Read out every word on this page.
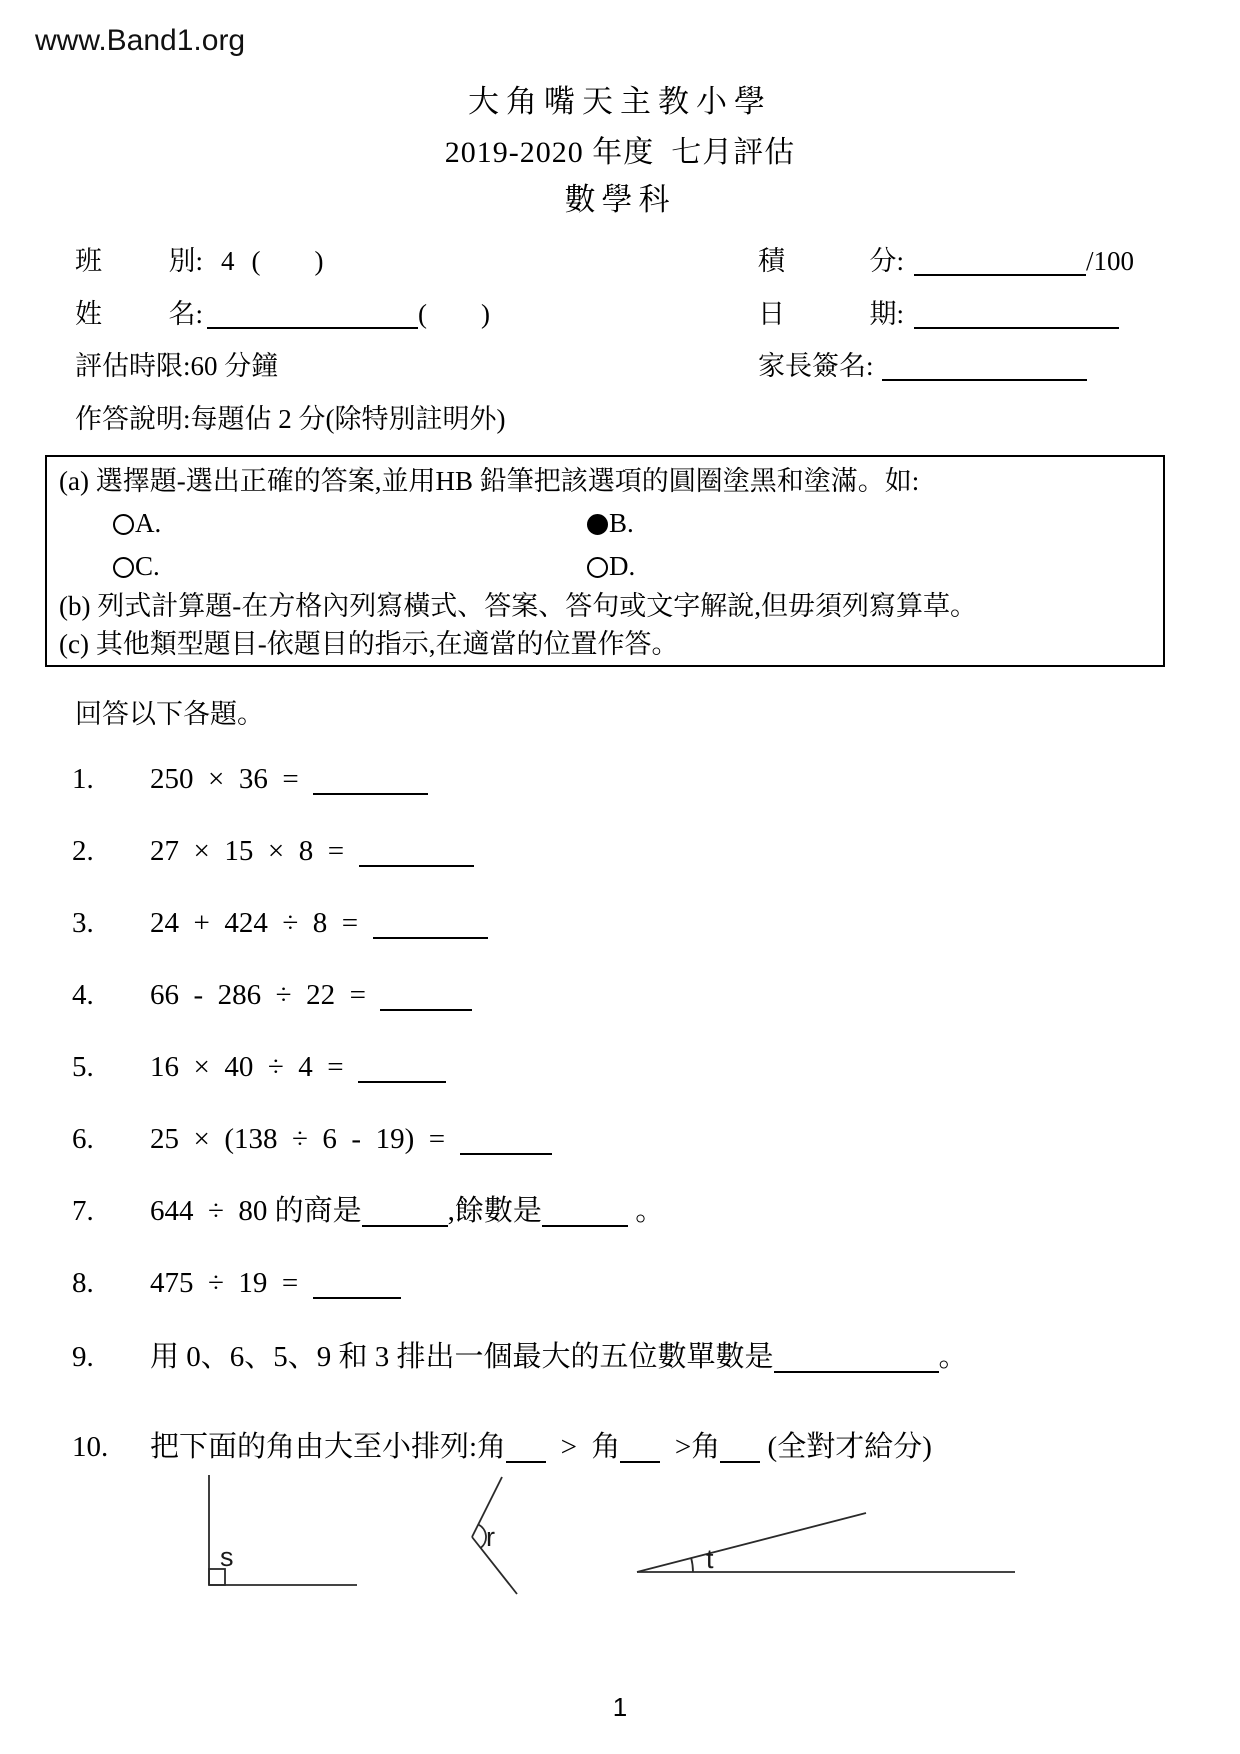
www.Band1.org
大角嘴天主教小學
2019-2020 年度  七月評估
數學科
班 別: 4 (　　)	積	分:	/100
姓 名:	(　　)	日	期:
評估時限:60 分鐘	家長簽名:
作答說明:每題佔 2 分(除特別註明外)
(a) 選擇題-選出正確的答案,並用HB 鉛筆把該選項的圓圈塗黑和塗滿。如:
A.	B.
C.	D.
(b) 列式計算題-在方格內列寫橫式、答案、答句或文字解說,但毋須列寫算草。
(c) 其他類型題目-依題目的指示,在適當的位置作答。
回答以下各題。
1. 250  ×  36  =
2. 27  ×  15  ×  8  =
3. 24  +  424  ÷  8  =
4. 66  -  286  ÷  22  =
5. 16  ×  40  ÷  4  =
6. 25  ×  (138  ÷  6  -  19)  =
7. 644  ÷  80 的商是	,餘數是	。
8. 475  ÷  19  =
9. 用 0、6、5、9 和 3 排出一個最大的五位數單數是	。
10. 把下面的角由大至小排列:角  >  角  >角 (全對才給分)
s
r
t
1
